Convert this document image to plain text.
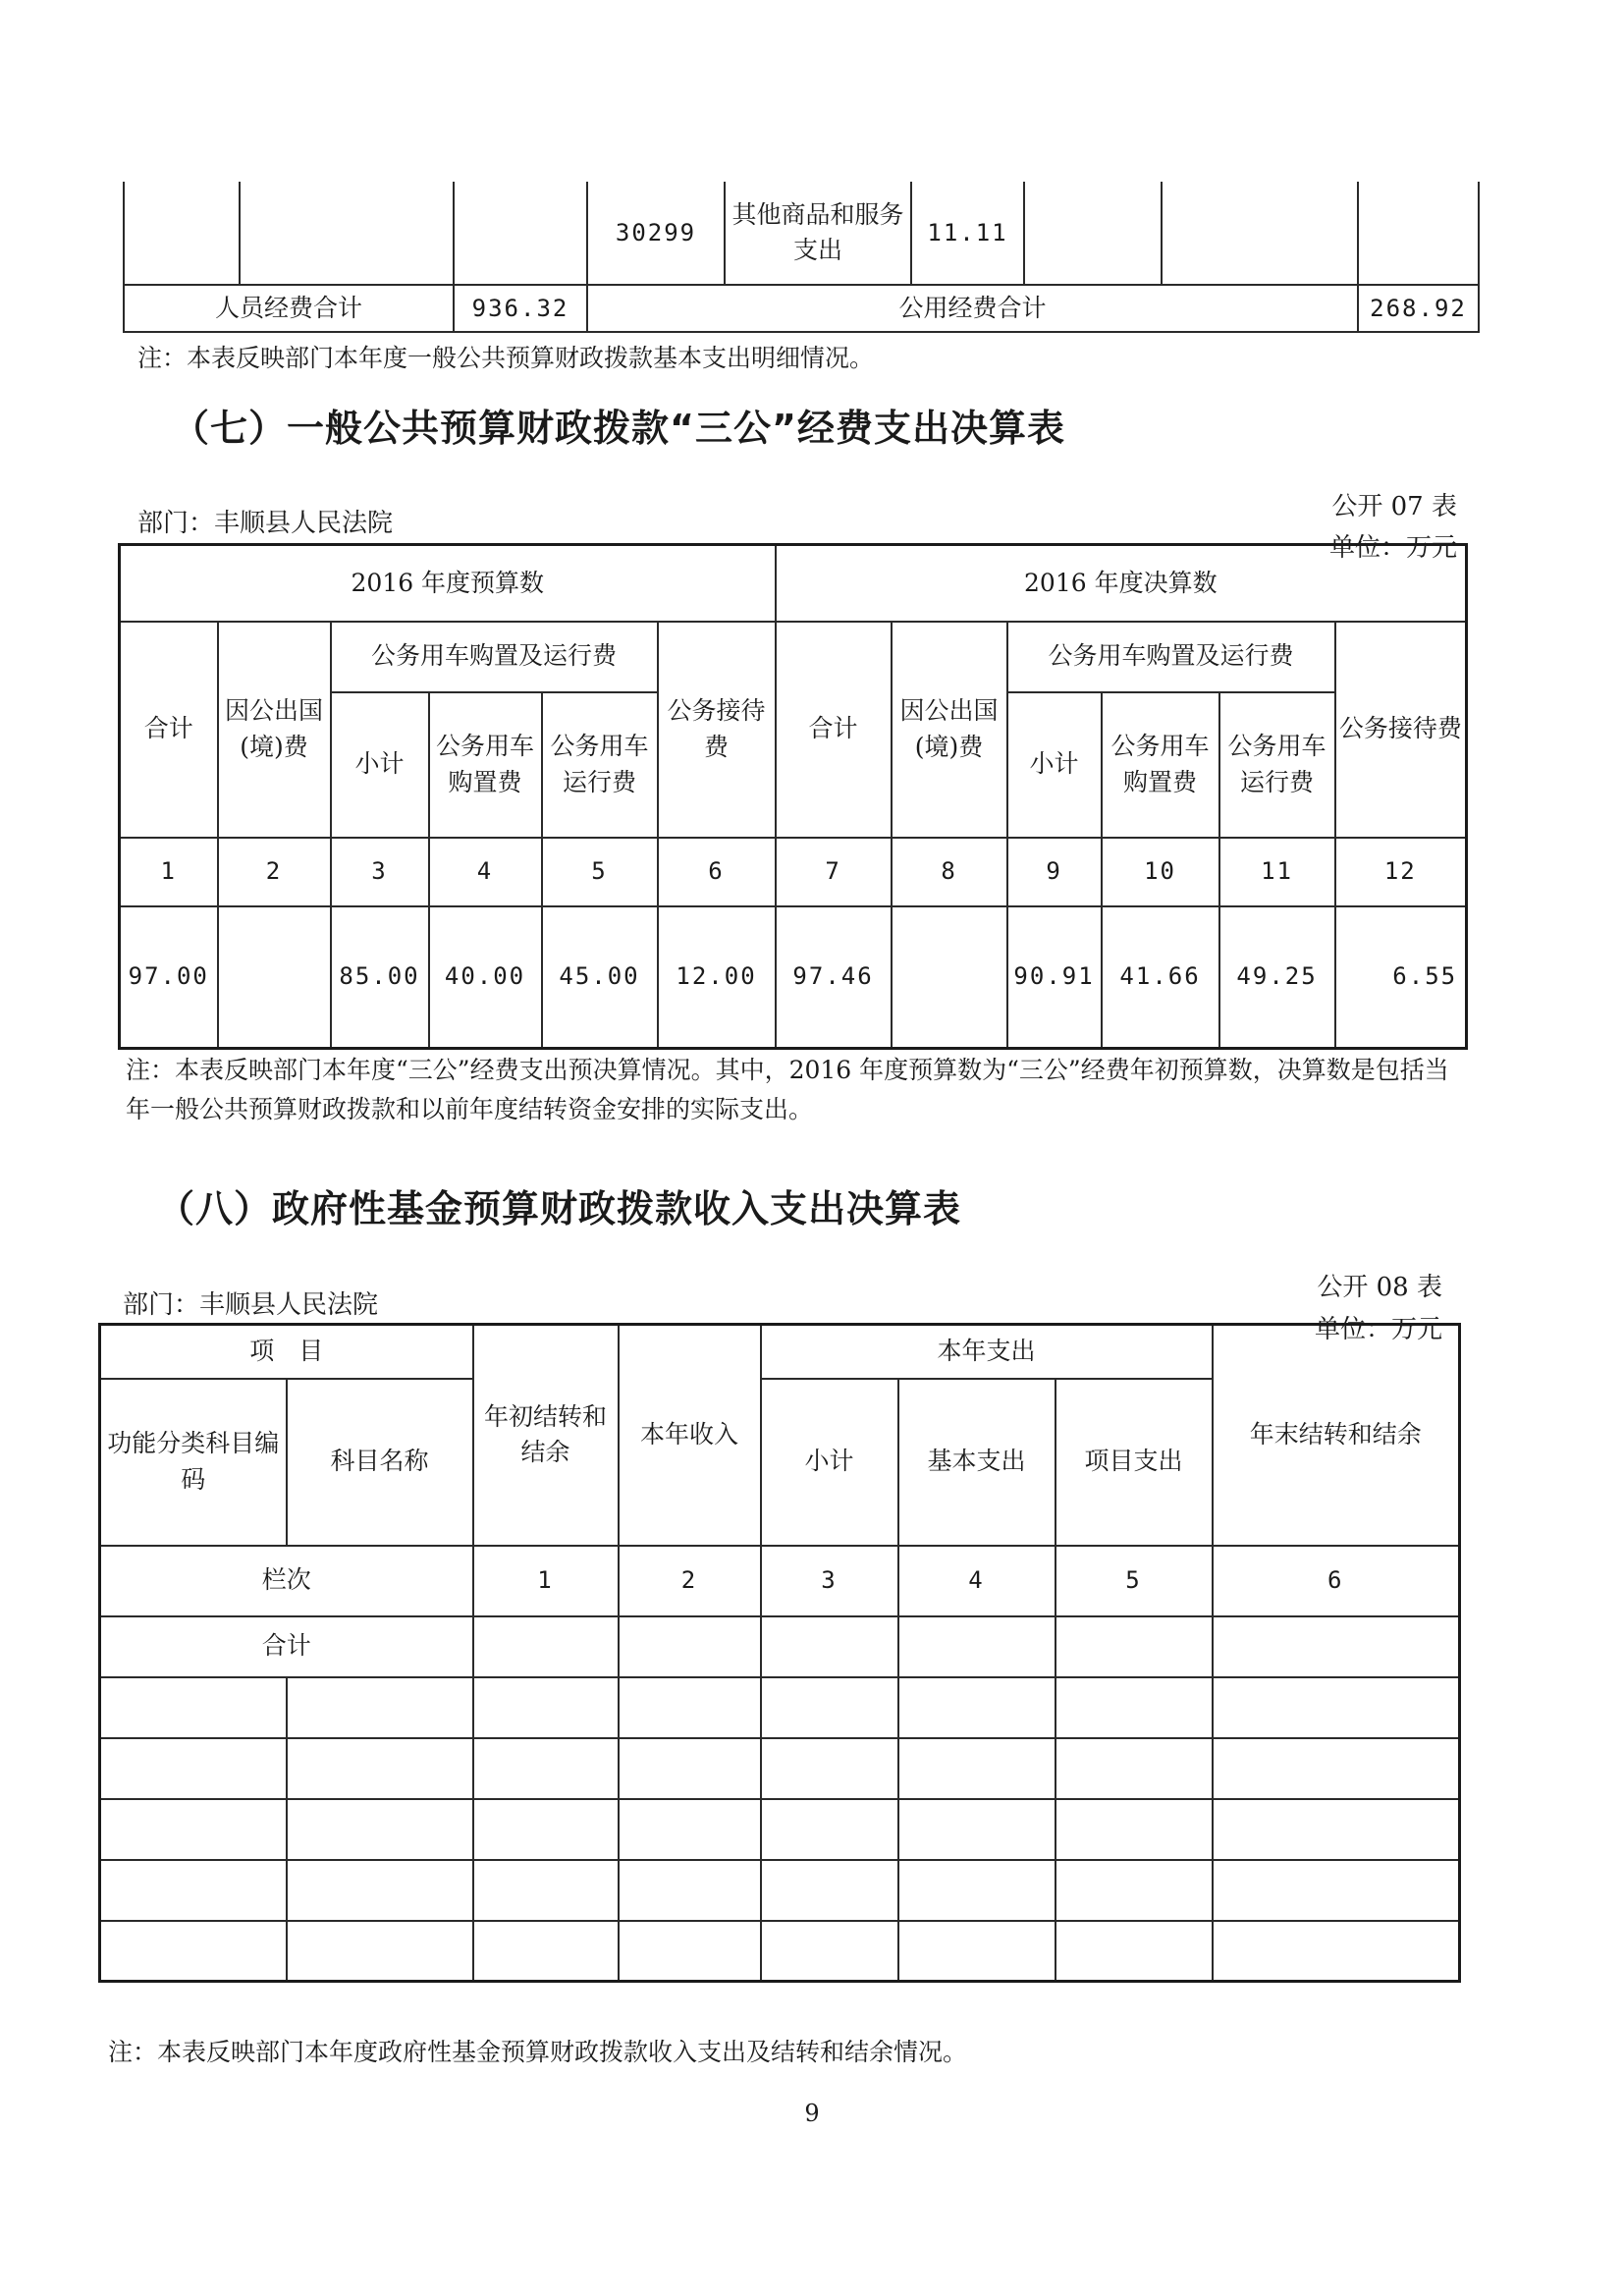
			30299	其他商品和服务支出	11.11			
人员经费合计		936.32	公用经费合计					268.92
注：本表反映部门本年度一般公共预算财政拨款基本支出明细情况。
（七）一般公共预算财政拨款“三公”经费支出决算表
公开 07 表
部门：丰顺县人民法院
单位：万元
2016 年度预算数						2016 年度决算数					
合计	因公出国(境)费	公务用车购置及运行费			公务接待费	合计	因公出国(境)费	公务用车购置及运行费			公务接待费
		小计	公务用车购置费	公务用车运行费				小计	公务用车购置费	公务用车运行费	
1	2	3	4	5	6	7	8	9	10	11	12
97.00		85.00	40.00	45.00	12.00	97.46		90.91	41.66	49.25	6.55
注：本表反映部门本年度“三公”经费支出预决算情况。其中，2016 年度预算数为“三公”经费年初预算数，决算数是包括当年一般公共预算财政拨款和以前年度结转资金安排的实际支出。
（八）政府性基金预算财政拨款收入支出决算表
公开 08 表
部门：丰顺县人民法院
单位：万元
项　目		年初结转和结余	本年收入	本年支出			年末结转和结余
功能分类科目编码	科目名称			小计	基本支出	项目支出	
栏次		1	2	3	4	5	6
合计							

注：本表反映部门本年度政府性基金预算财政拨款收入支出及结转和结余情况。
9
